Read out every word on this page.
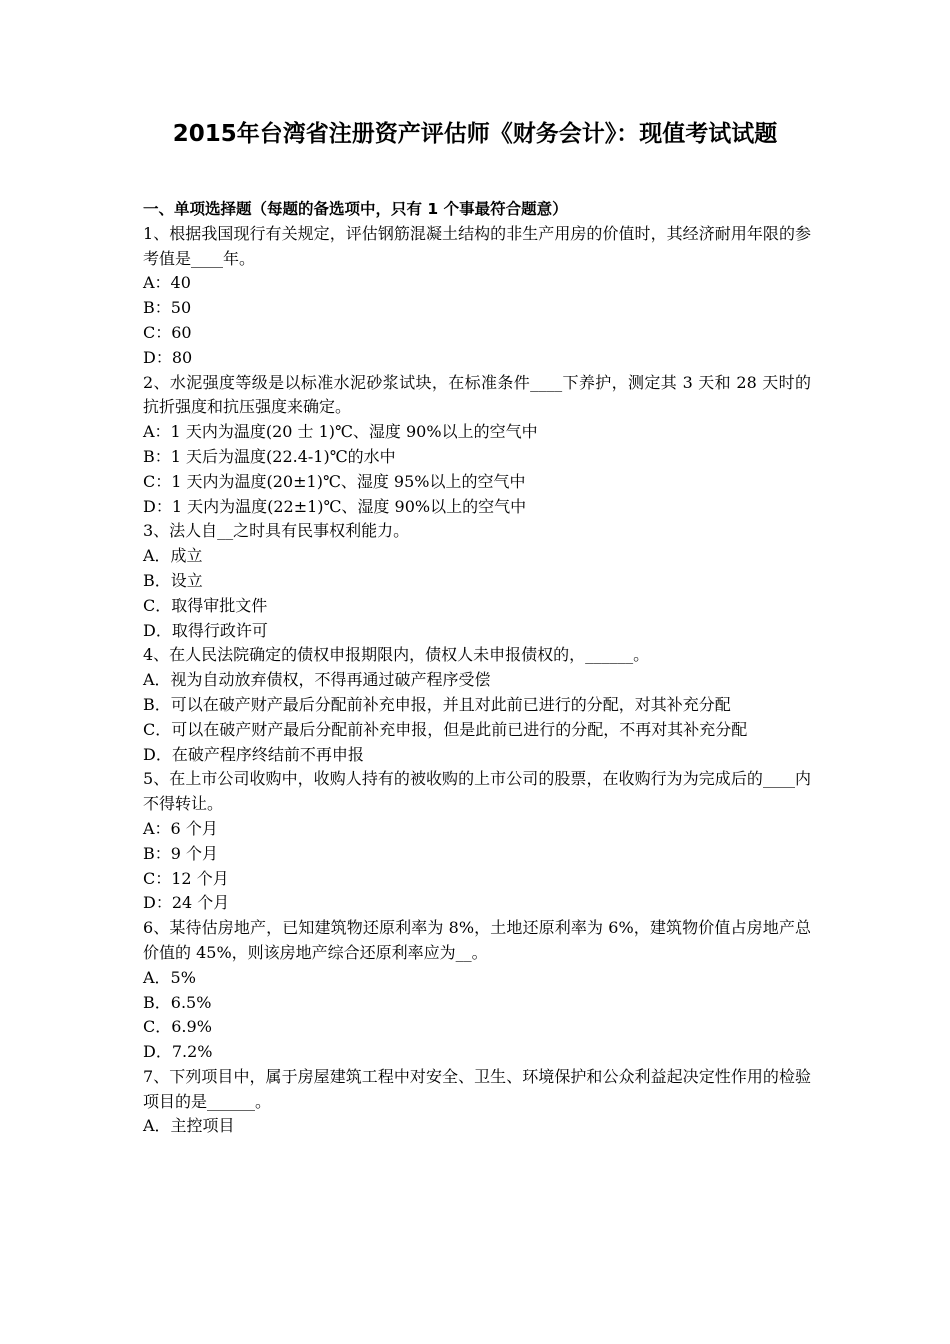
2015年台湾省注册资产评估师《财务会计》：现值考试试题
一、单项选择题（每题的备选项中，只有 1 个事最符合题意）
1、根据我国现行有关规定，评估钢筋混凝土结构的非生产用房的价值时，其经济耐用年限的参考值是____年。
A：40
B：50
C：60
D：80
2、水泥强度等级是以标准水泥砂浆试块，在标准条件____下养护，测定其 3 天和 28 天时的抗折强度和抗压强度来确定。
A：1 天内为温度(20 士 1)℃、湿度 90%以上的空气中
B：1 天后为温度(22.4-1)℃的水中
C：1 天内为温度(20±1)℃、湿度 95%以上的空气中
D：1 天内为温度(22±1)℃、湿度 90%以上的空气中
3、法人自__之时具有民事权利能力。
A．成立
B．设立
C．取得审批文件
D．取得行政许可
4、在人民法院确定的债权申报期限内，债权人未申报债权的，______。
A．视为自动放弃债权，不得再通过破产程序受偿
B．可以在破产财产最后分配前补充申报，并且对此前已进行的分配，对其补充分配
C．可以在破产财产最后分配前补充申报，但是此前已进行的分配，不再对其补充分配
D．在破产程序终结前不再申报
5、在上市公司收购中，收购人持有的被收购的上市公司的股票，在收购行为为完成后的____内不得转让。
A：6 个月
B：9 个月
C：12 个月
D：24 个月
6、某待估房地产，已知建筑物还原利率为 8%，土地还原利率为 6%，建筑物价值占房地产总价值的 45%，则该房地产综合还原利率应为__。
A．5%
B．6.5%
C．6.9%
D．7.2%
7、下列项目中，属于房屋建筑工程中对安全、卫生、环境保护和公众利益起决定性作用的检验项目的是______。
A．主控项目
